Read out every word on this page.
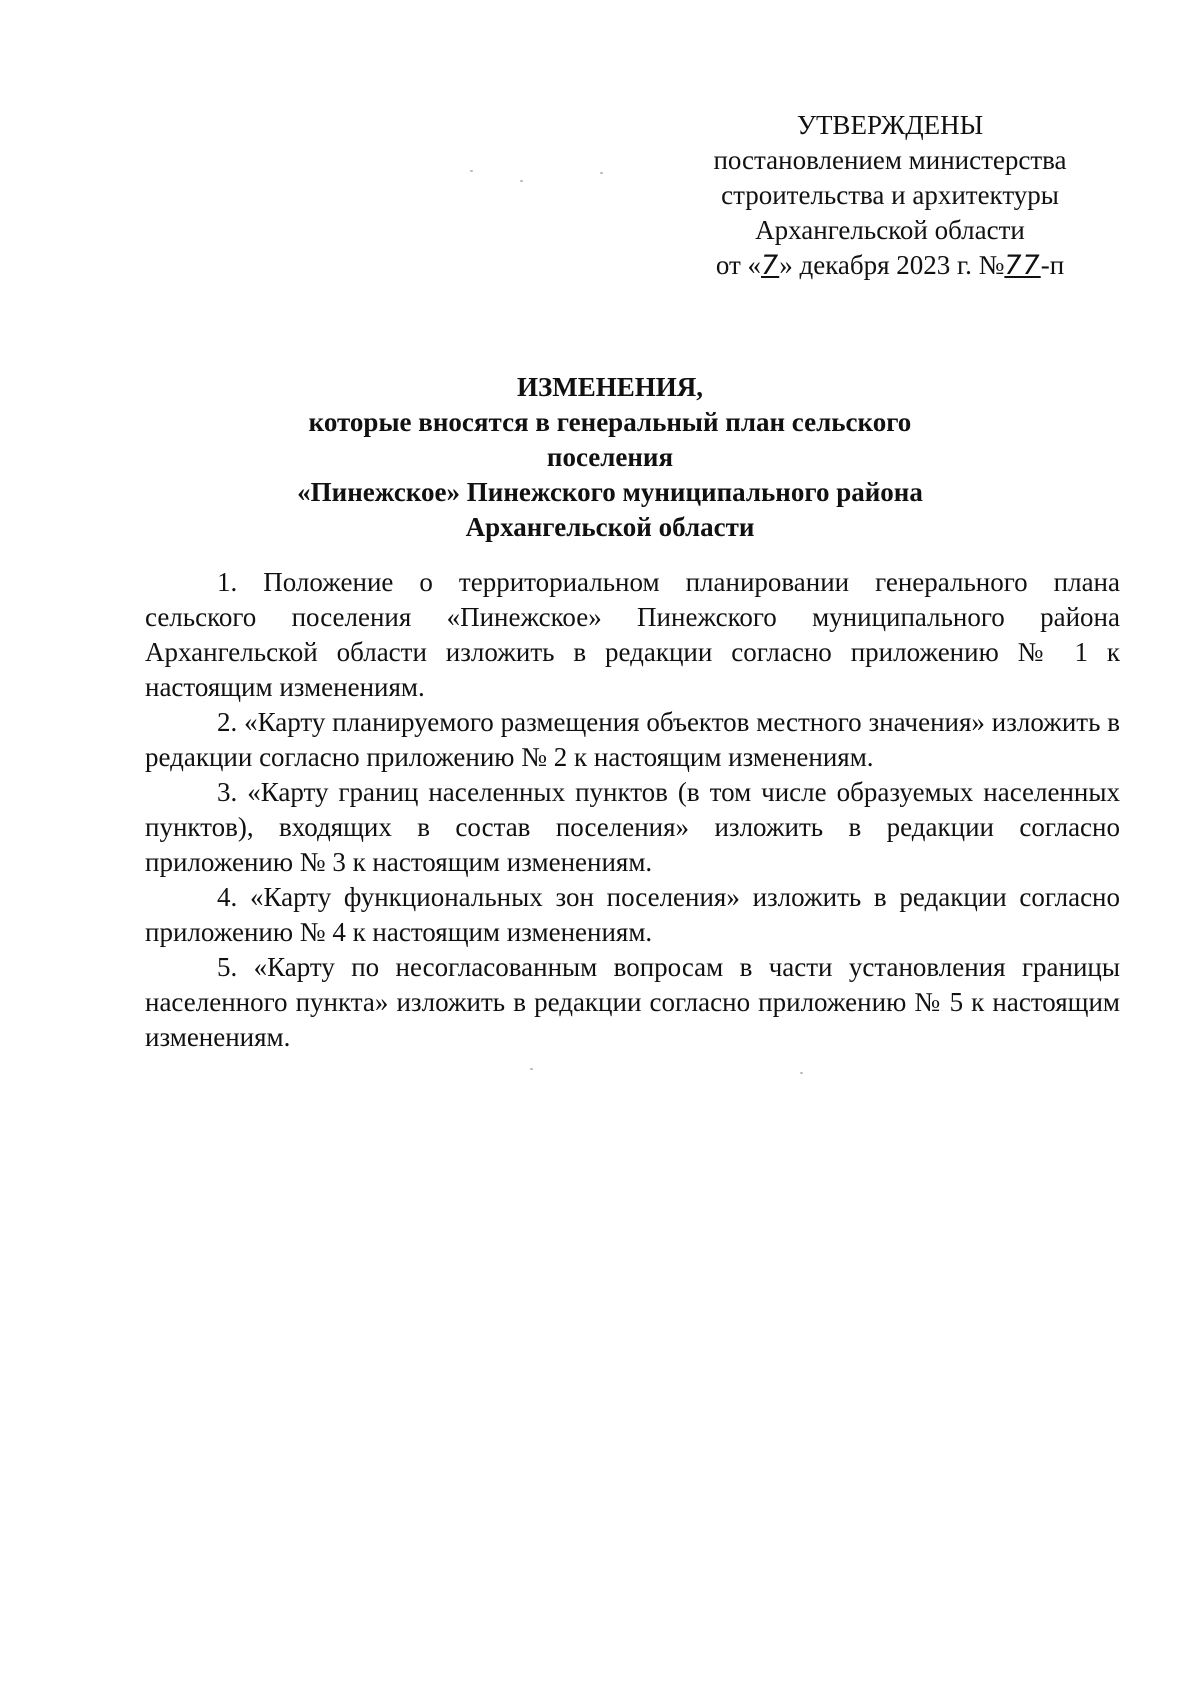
УТВЕРЖДЕНЫ
постановлением министерства
строительства и архитектуры
Архангельской области
от «7» декабря 2023 г. №77-п
ИЗМЕНЕНИЯ,
которые вносятся в генеральный план сельского поселения
«Пинежское» Пинежского муниципального района
Архангельской области

1. Положение о территориальном планировании генерального плана сельского поселения «Пинежское» Пинежского муниципального района Архангельской области изложить в редакции согласно приложению № 1 к настоящим изменениям.

2. «Карту планируемого размещения объектов местного значения» изложить в редакции согласно приложению № 2 к настоящим изменениям.

3. «Карту границ населенных пунктов (в том числе образуемых населенных пунктов), входящих в состав поселения» изложить в редакции согласно приложению № 3 к настоящим изменениям.

4. «Карту функциональных зон поселения» изложить в редакции согласно приложению № 4 к настоящим изменениям.

5. «Карту по несогласованным вопросам в части установления границы населенного пункта» изложить в редакции согласно приложению № 5 к настоящим изменениям.
